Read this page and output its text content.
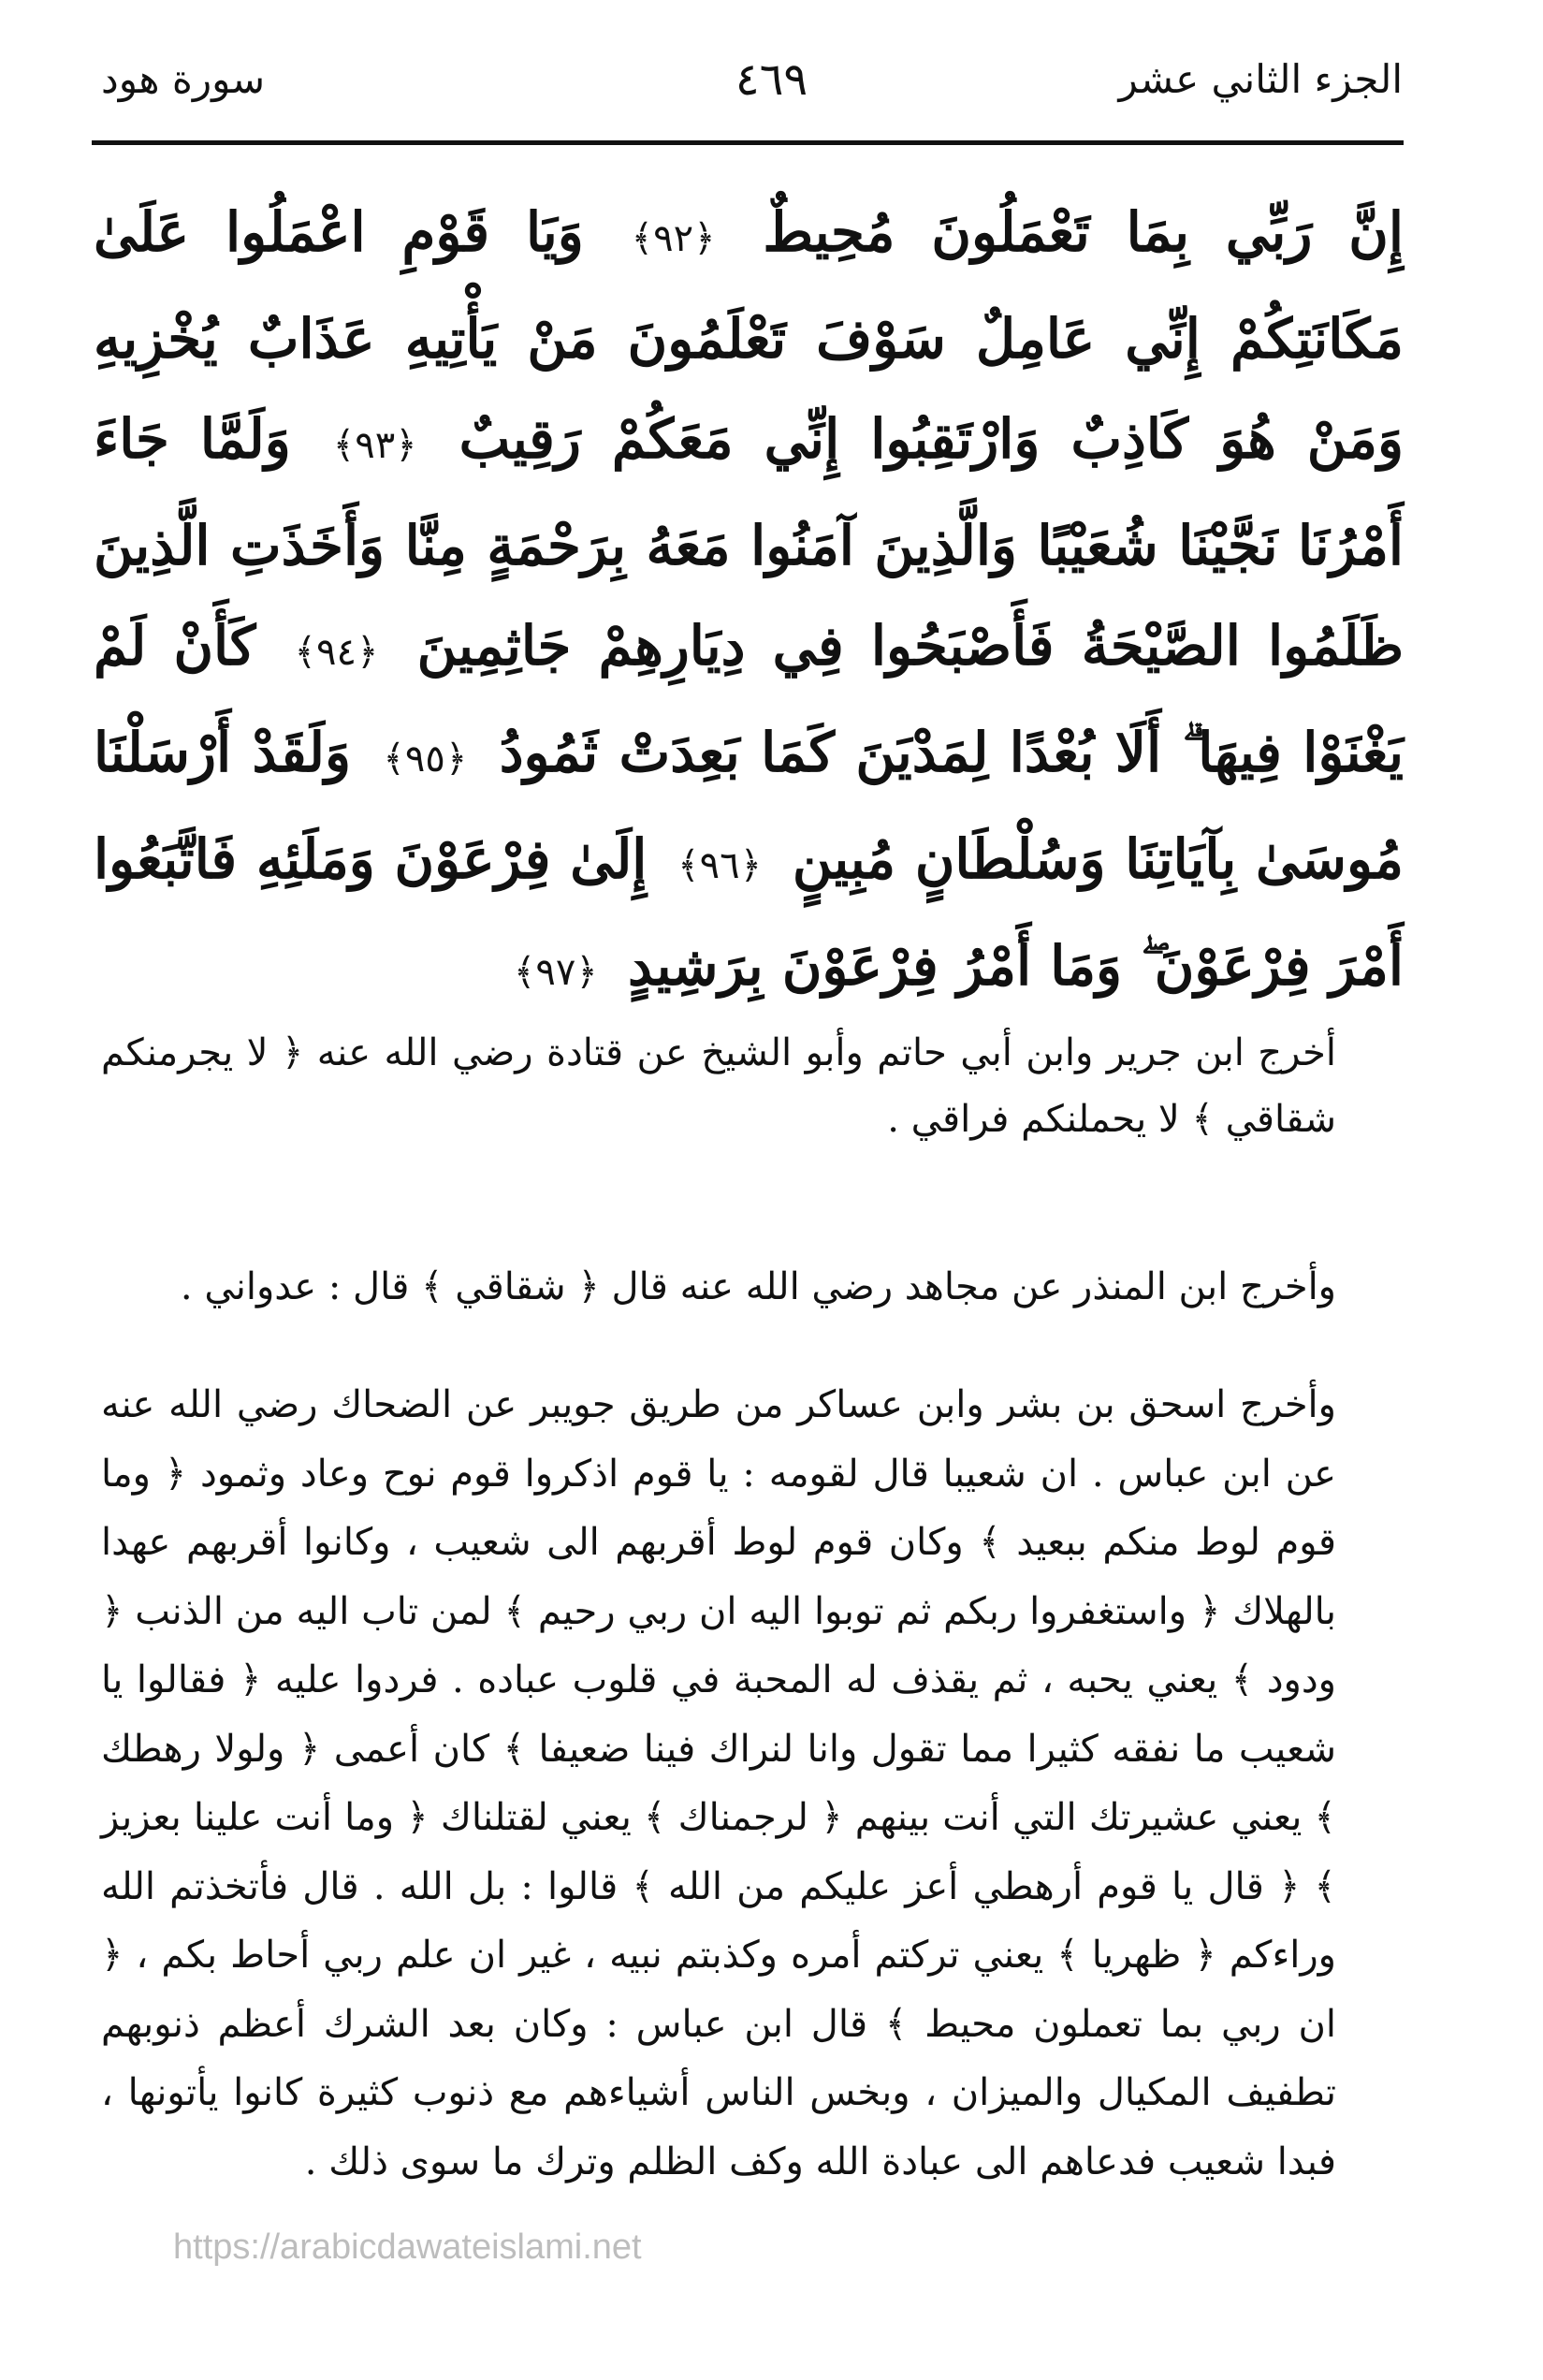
الجزء الثاني عشر
٤٦٩
سورة هود
إِنَّ رَبِّي بِمَا تَعْمَلُونَ مُحِيطٌ ﴿٩٢﴾ وَيَا قَوْمِ اعْمَلُوا عَلَىٰ مَكَانَتِكُمْ إِنِّي عَامِلٌ سَوْفَ تَعْلَمُونَ مَنْ يَأْتِيهِ عَذَابٌ يُخْزِيهِ وَمَنْ هُوَ كَاذِبٌ وَارْتَقِبُوا إِنِّي مَعَكُمْ رَقِيبٌ ﴿٩٣﴾ وَلَمَّا جَاءَ أَمْرُنَا نَجَّيْنَا شُعَيْبًا وَالَّذِينَ آمَنُوا مَعَهُ بِرَحْمَةٍ مِنَّا وَأَخَذَتِ الَّذِينَ ظَلَمُوا الصَّيْحَةُ فَأَصْبَحُوا فِي دِيَارِهِمْ جَاثِمِينَ ﴿٩٤﴾ كَأَنْ لَمْ يَغْنَوْا فِيهَا ۗ أَلَا بُعْدًا لِمَدْيَنَ كَمَا بَعِدَتْ ثَمُودُ ﴿٩٥﴾ وَلَقَدْ أَرْسَلْنَا مُوسَىٰ بِآيَاتِنَا وَسُلْطَانٍ مُبِينٍ ﴿٩٦﴾ إِلَىٰ فِرْعَوْنَ وَمَلَئِهِ فَاتَّبَعُوا أَمْرَ فِرْعَوْنَ ۖ وَمَا أَمْرُ فِرْعَوْنَ بِرَشِيدٍ ﴿٩٧﴾

أخرج ابن جرير وابن أبي حاتم وأبو الشيخ عن قتادة رضي الله عنه ﴿ لا يجرمنكم شقاقي ﴾ لا يحملنكم فراقي .

وأخرج ابن المنذر عن مجاهد رضي الله عنه قال ﴿ شقاقي ﴾ قال : عدواني .

وأخرج اسحق بن بشر وابن عساكر من طريق جويبر عن الضحاك رضي الله عنه عن ابن عباس . ان شعيبا قال لقومه : يا قوم اذكروا قوم نوح وعاد وثمود ﴿ وما قوم لوط منكم ببعيد ﴾ وكان قوم لوط أقربهم الى شعيب ، وكانوا أقربهم عهدا بالهلاك ﴿ واستغفروا ربكم ثم توبوا اليه ان ربي رحيم ﴾ لمن تاب اليه من الذنب ﴿ ودود ﴾ يعني يحبه ، ثم يقذف له المحبة في قلوب عباده . فردوا عليه ﴿ فقالوا يا شعيب ما نفقه كثيرا مما تقول وانا لنراك فينا ضعيفا ﴾ كان أعمى ﴿ ولولا رهطك ﴾ يعني عشيرتك التي أنت بينهم ﴿ لرجمناك ﴾ يعني لقتلناك ﴿ وما أنت علينا بعزيز ﴾ ﴿ قال يا قوم أرهطي أعز عليكم من الله ﴾ قالوا : بل الله . قال فأتخذتم الله وراءكم ﴿ ظهريا ﴾ يعني تركتم أمره وكذبتم نبيه ، غير ان علم ربي أحاط بكم ، ﴿ ان ربي بما تعملون محيط ﴾ قال ابن عباس : وكان بعد الشرك أعظم ذنوبهم تطفيف المكيال والميزان ، وبخس الناس أشياءهم مع ذنوب كثيرة كانوا يأتونها ، فبدا شعيب فدعاهم الى عبادة الله وكف الظلم وترك ما سوى ذلك .

https://arabicdawateislami.net
